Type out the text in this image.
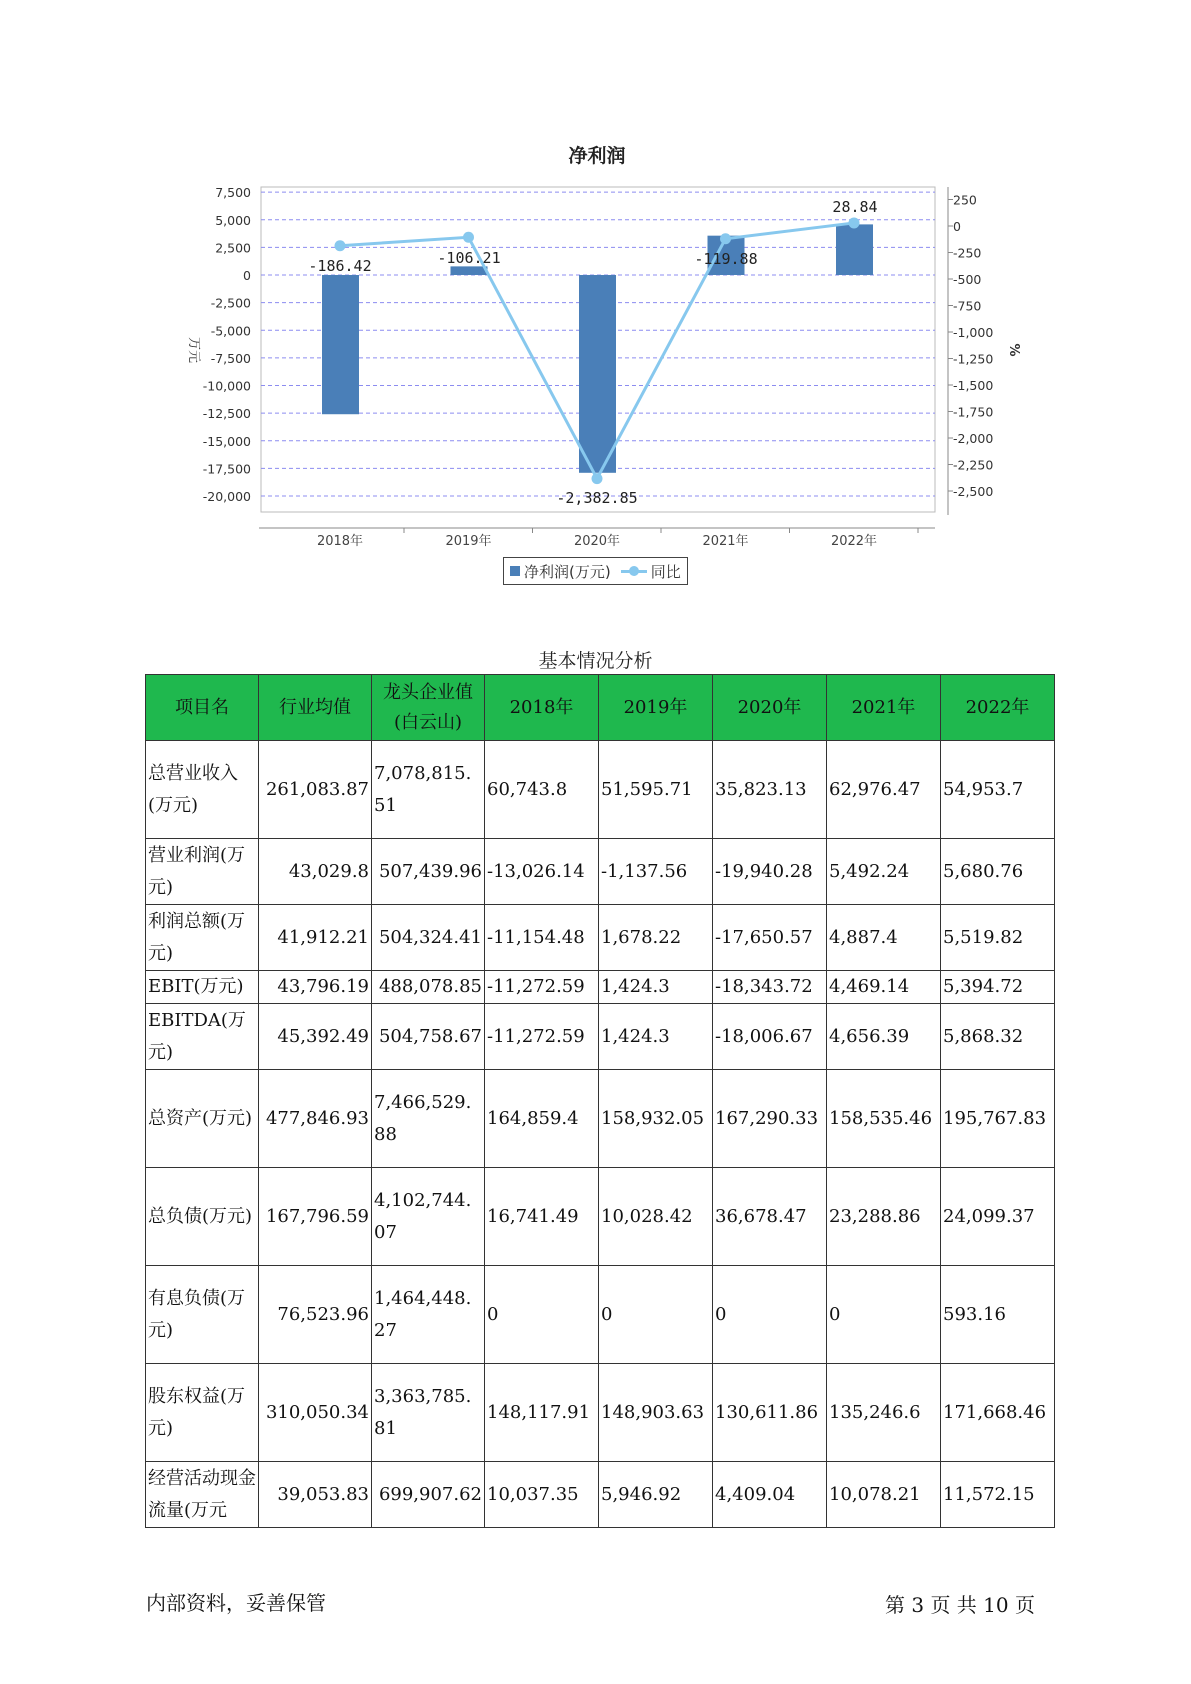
净利润
7,500
5,000
2,500
0
-2,500
-5,000
-7,500
-10,000
-12,500
-15,000
-17,500
-20,000
万元
250
0
-250
-500
-750
-1,000
-1,250
-1,500
-1,750
-2,000
-2,250
-2,500
%
2018年	2019年	2020年	2021年	2022年
-186.42	-106.21
-2,382.85
-119.88
28.84
净利润(万元)	同比
基本情况分析
项目名	行业均值	龙头企业值(白云山)	2018年	2019年	2020年	2021年	2022年
总营业收入(万元)	261,083.87	7,078,815.51	60,743.8	51,595.71	35,823.13	62,976.47	54,953.7
营业利润(万元)	43,029.8	507,439.96	-13,026.14	-1,137.56	-19,940.28	5,492.24	5,680.76
利润总额(万元)	41,912.21	504,324.41	-11,154.48	1,678.22	-17,650.57	4,887.4	5,519.82
EBIT(万元)	43,796.19	488,078.85	-11,272.59	1,424.3	-18,343.72	4,469.14	5,394.72
EBITDA(万元)	45,392.49	504,758.67	-11,272.59	1,424.3	-18,006.67	4,656.39	5,868.32
总资产(万元)	477,846.93	7,466,529.88	164,859.4	158,932.05	167,290.33	158,535.46	195,767.83
总负债(万元)	167,796.59	4,102,744.07	16,741.49	10,028.42	36,678.47	23,288.86	24,099.37
有息负债(万元)	76,523.96	1,464,448.27	0	0	0	0	593.16
股东权益(万元)	310,050.34	3,363,785.81	148,117.91	148,903.63	130,611.86	135,246.6	171,668.46
经营活动现金流量(万元	39,053.83	699,907.62	10,037.35	5,946.92	4,409.04	10,078.21	11,572.15
内部资料，妥善保管	第 3 页 共 10 页
